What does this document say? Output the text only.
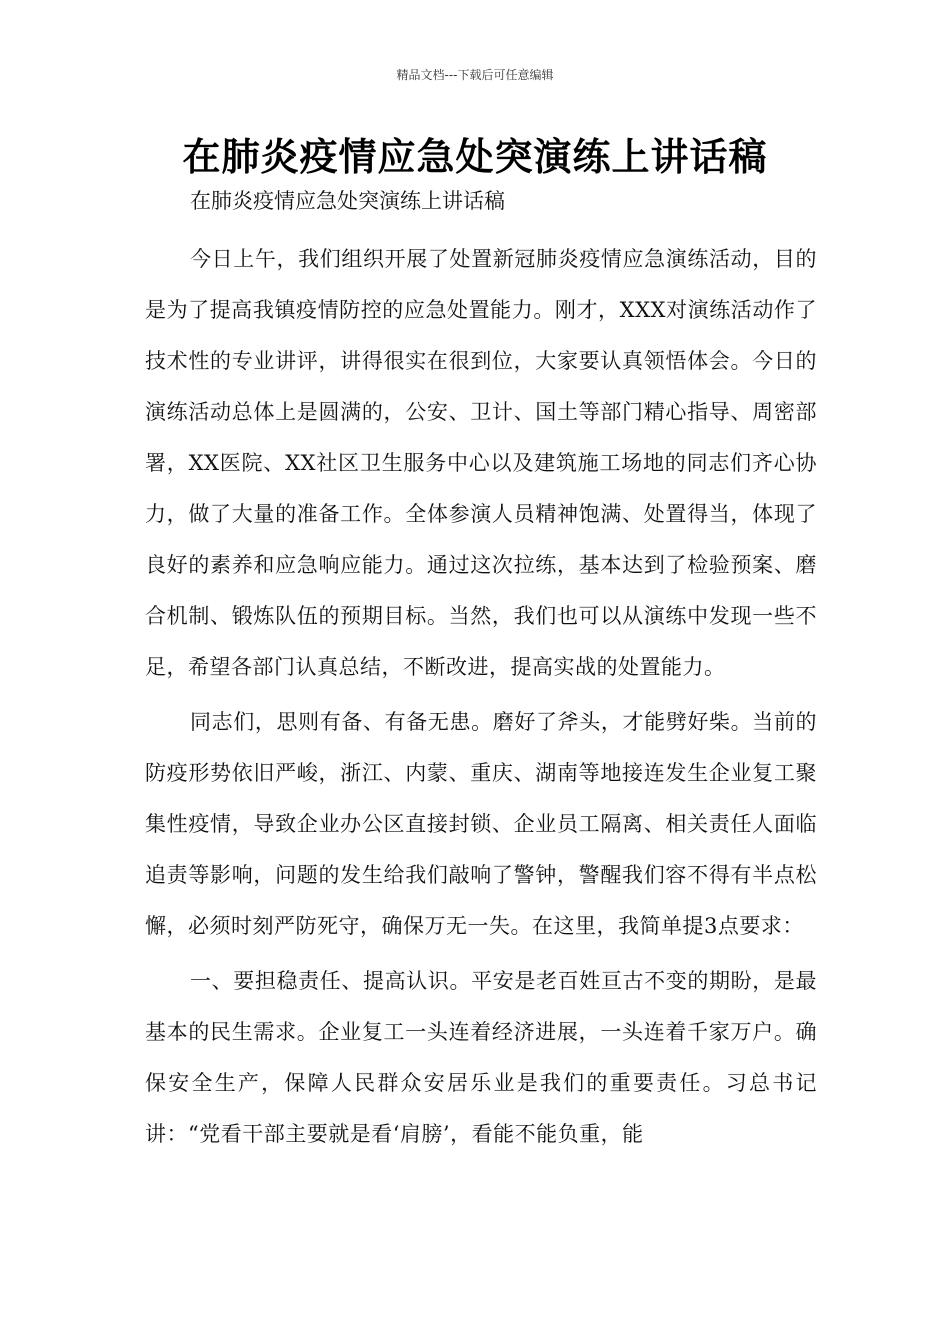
精品文档---下载后可任意编辑
在肺炎疫情应急处突演练上讲话稿
在肺炎疫情应急处突演练上讲话稿

今日上午，我们组织开展了处置新冠肺炎疫情应急演练活动，目的是为了提高我镇疫情防控的应急处置能力。刚才，XXX对演练活动作了技术性的专业讲评，讲得很实在很到位，大家要认真领悟体会。今日的演练活动总体上是圆满的，公安、卫计、国土等部门精心指导、周密部署，XX医院、XX社区卫生服务中心以及建筑施工场地的同志们齐心协力，做了大量的准备工作。全体参演人员精神饱满、处置得当，体现了良好的素养和应急响应能力。通过这次拉练，基本达到了检验预案、磨合机制、锻炼队伍的预期目标。当然，我们也可以从演练中发现一些不足，希望各部门认真总结，不断改进，提高实战的处置能力。

同志们，思则有备、有备无患。磨好了斧头，才能劈好柴。当前的防疫形势依旧严峻，浙江、内蒙、重庆、湖南等地接连发生企业复工聚集性疫情，导致企业办公区直接封锁、企业员工隔离、相关责任人面临追责等影响，问题的发生给我们敲响了警钟，警醒我们容不得有半点松懈，必须时刻严防死守，确保万无一失。在这里，我简单提3点要求：

一、要担稳责任、提高认识。平安是老百姓亘古不变的期盼，是最基本的民生需求。企业复工一头连着经济进展，一头连着千家万户。确保安全生产，保障人民群众安居乐业是我们的重要责任。习总书记讲：“党看干部主要就是看‘肩膀’，看能不能负重，能
